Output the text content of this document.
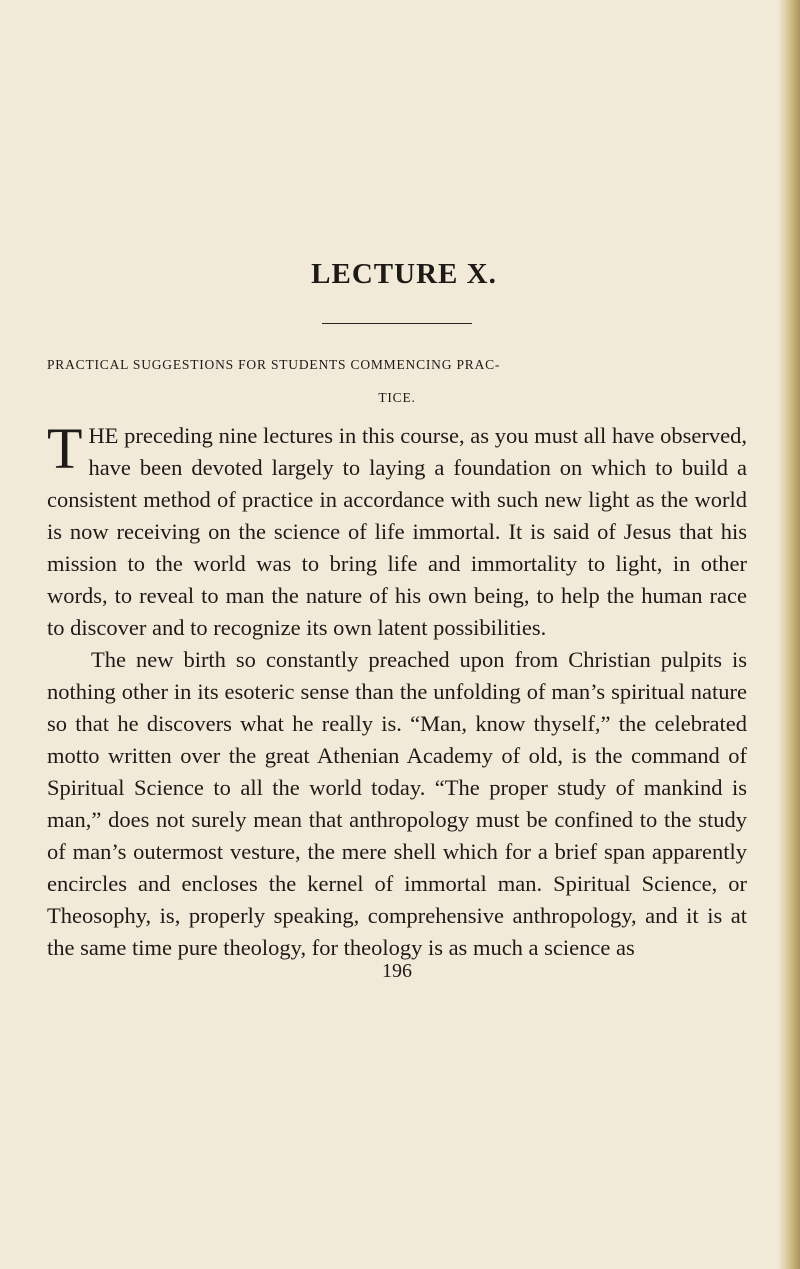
LECTURE X.

PRACTICAL SUGGESTIONS FOR STUDENTS COMMENCING PRAC-
TICE.

THE preceding nine lectures in this course, as you must all have observed, have been devoted largely to laying a foundation on which to build a consistent method of practice in accordance with such new light as the world is now receiving on the science of life immortal. It is said of Jesus that his mission to the world was to bring life and immortality to light, in other words, to reveal to man the nature of his own being, to help the human race to discover and to recognize its own latent possibilities.

The new birth so constantly preached upon from Christian pulpits is nothing other in its esoteric sense than the unfolding of man’s spiritual nature so that he discovers what he really is. “Man, know thyself,” the celebrated motto written over the great Athenian Academy of old, is the command of Spiritual Science to all the world today. “The proper study of mankind is man,” does not surely mean that anthropology must be confined to the study of man’s outermost vesture, the mere shell which for a brief span apparently encircles and encloses the kernel of immortal man. Spiritual Science, or Theosophy, is, properly speaking, comprehensive anthropology, and it is at the same time pure theology, for theology is as much a science as

196
